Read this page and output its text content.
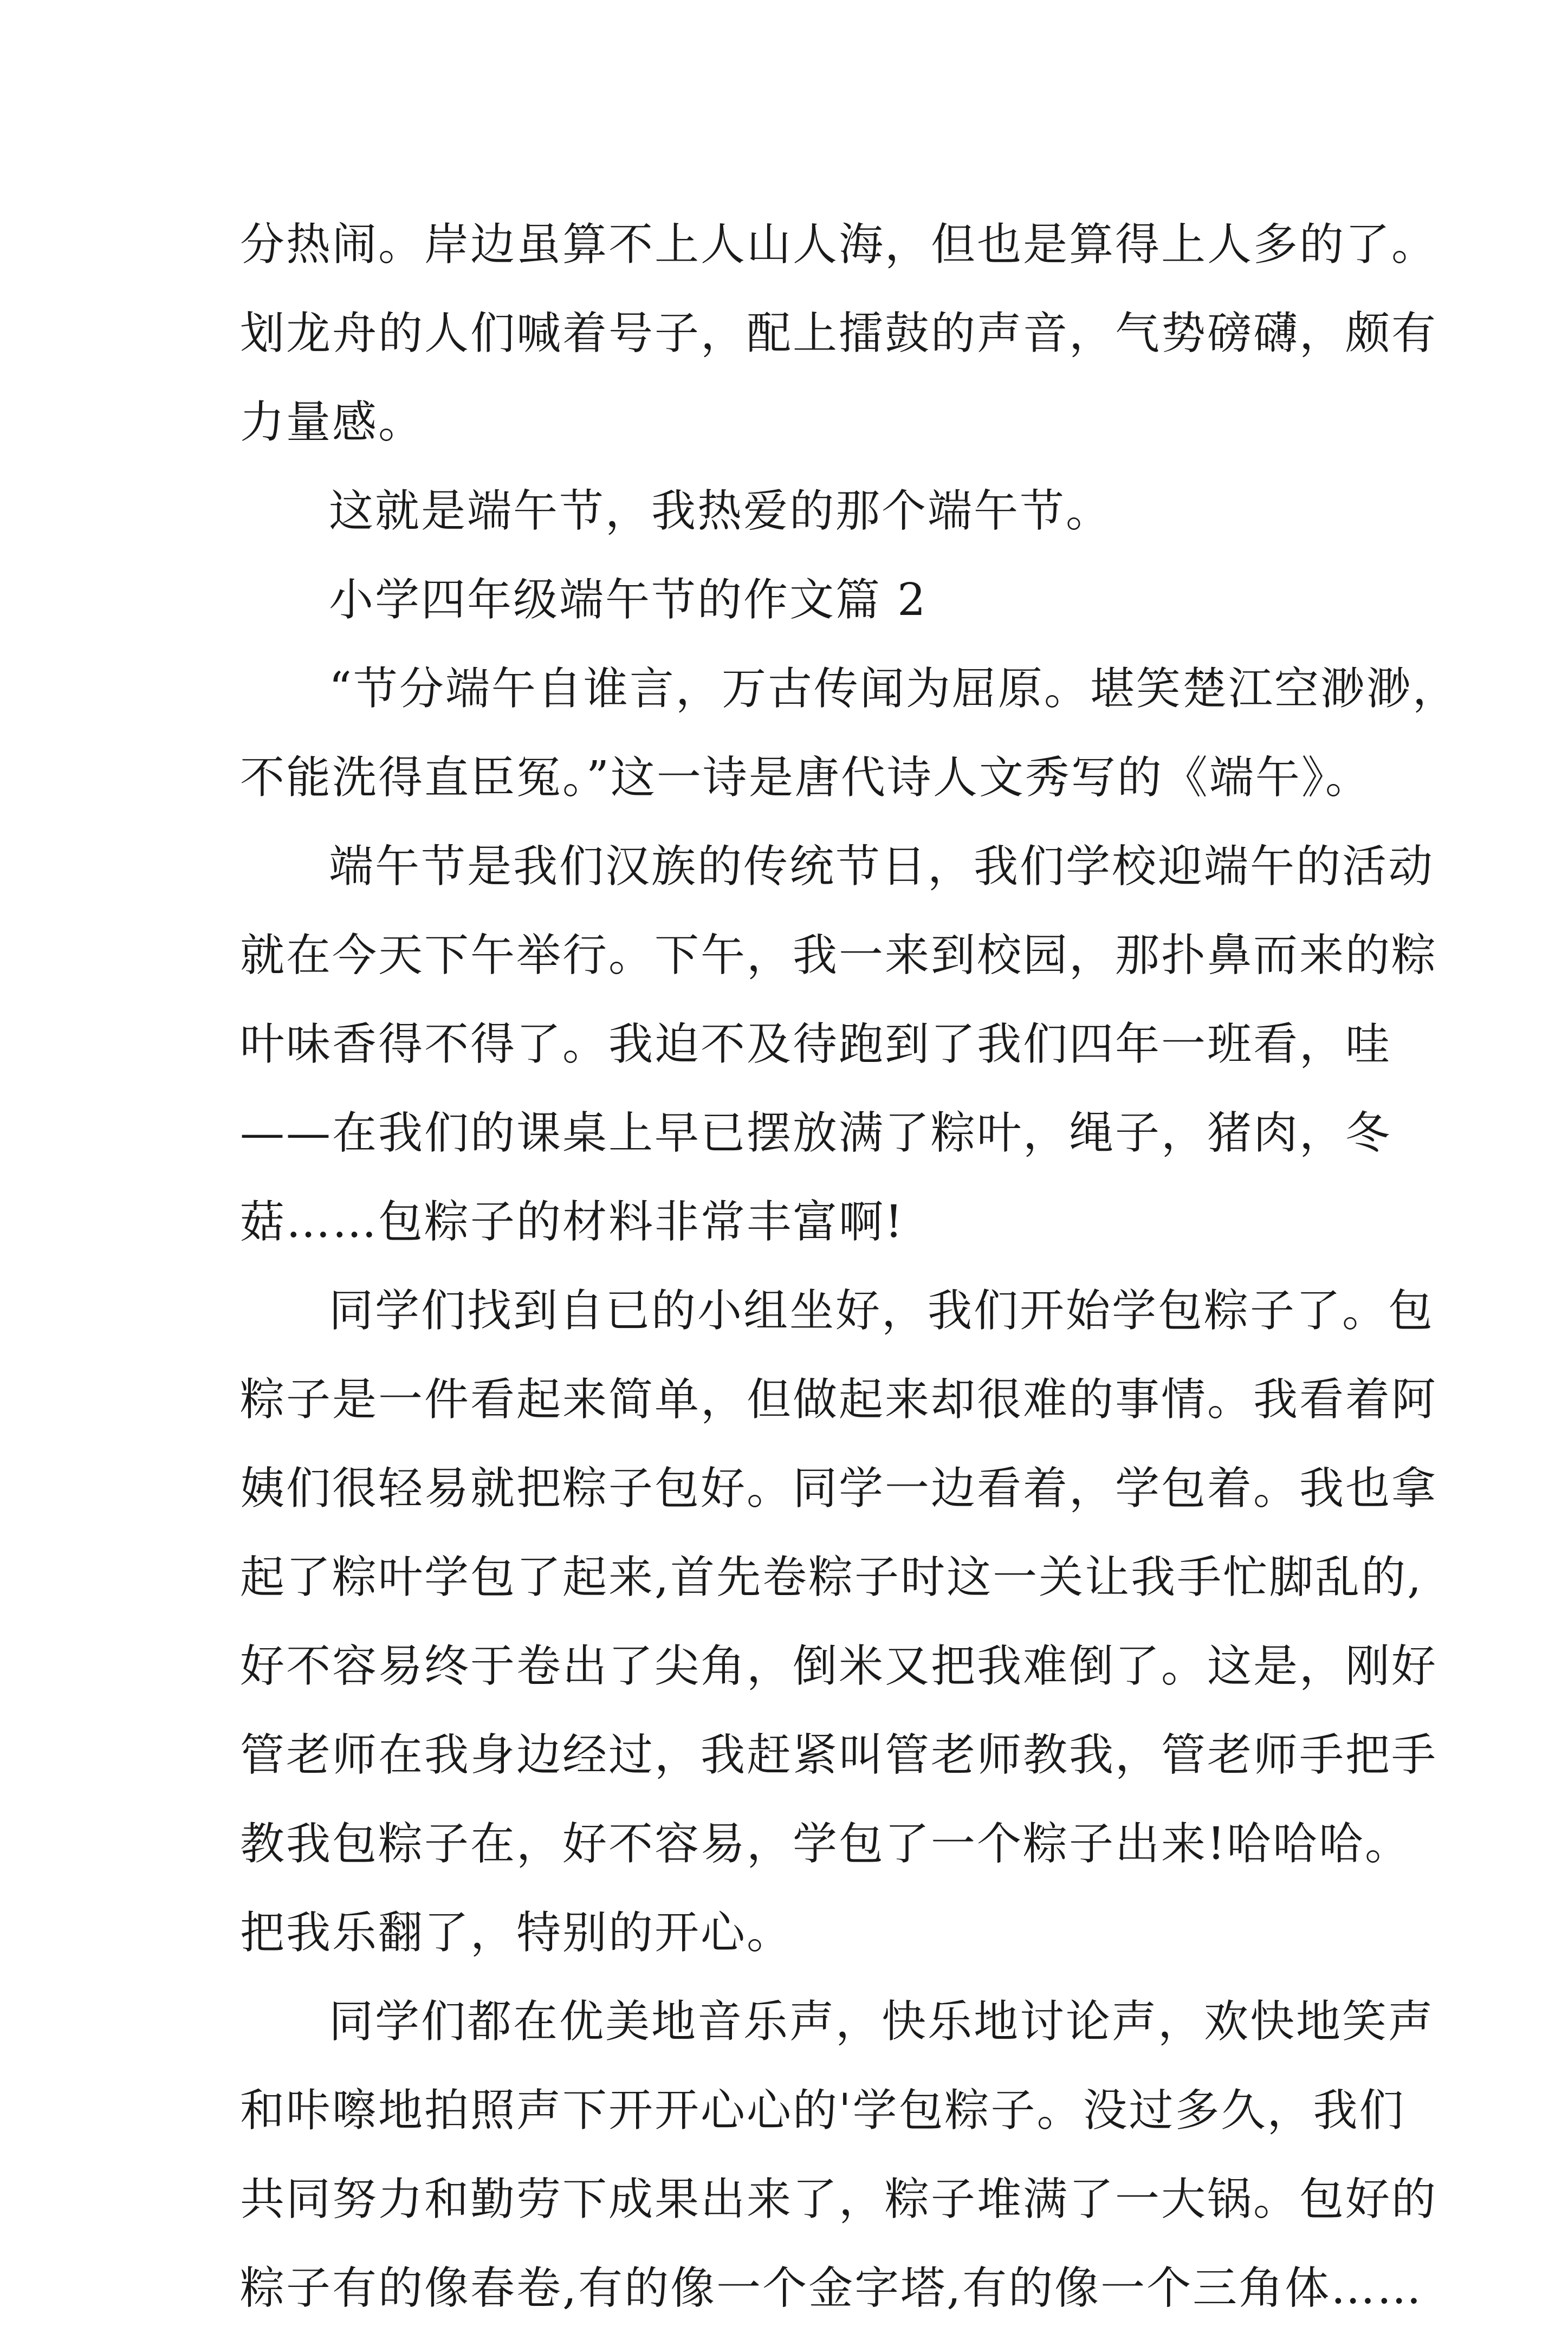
分热闹。岸边虽算不上人山人海，但也是算得上人多的了。
划龙舟的人们喊着号子，配上擂鼓的声音，气势磅礴，颇有
力量感。
这就是端午节，我热爱的那个端午节。
小学四年级端午节的作文篇 2
“节分端午自谁言，万古传闻为屈原。堪笑楚江空渺渺，
不能洗得直臣冤。”这一诗是唐代诗人文秀写的《端午》。
端午节是我们汉族的传统节日，我们学校迎端午的活动
就在今天下午举行。下午，我一来到校园，那扑鼻而来的粽
叶味香得不得了。我迫不及待跑到了我们四年一班看，哇
——在我们的课桌上早已摆放满了粽叶，绳子，猪肉，冬
菇……包粽子的材料非常丰富啊!
同学们找到自已的小组坐好，我们开始学包粽子了。包
粽子是一件看起来简单，但做起来却很难的事情。我看着阿
姨们很轻易就把粽子包好。同学一边看着，学包着。我也拿
起了粽叶学包了起来,首先卷粽子时这一关让我手忙脚乱的,
好不容易终于卷出了尖角，倒米又把我难倒了。这是，刚好
管老师在我身边经过，我赶紧叫管老师教我，管老师手把手
教我包粽子在，好不容易，学包了一个粽子出来!哈哈哈。
把我乐翻了，特别的开心。
同学们都在优美地音乐声，快乐地讨论声，欢快地笑声
和咔嚓地拍照声下开开心心的'学包粽子。没过多久，我们
共同努力和勤劳下成果出来了，粽子堆满了一大锅。包好的
粽子有的像春卷,有的像一个金字塔,有的像一个三角体……
